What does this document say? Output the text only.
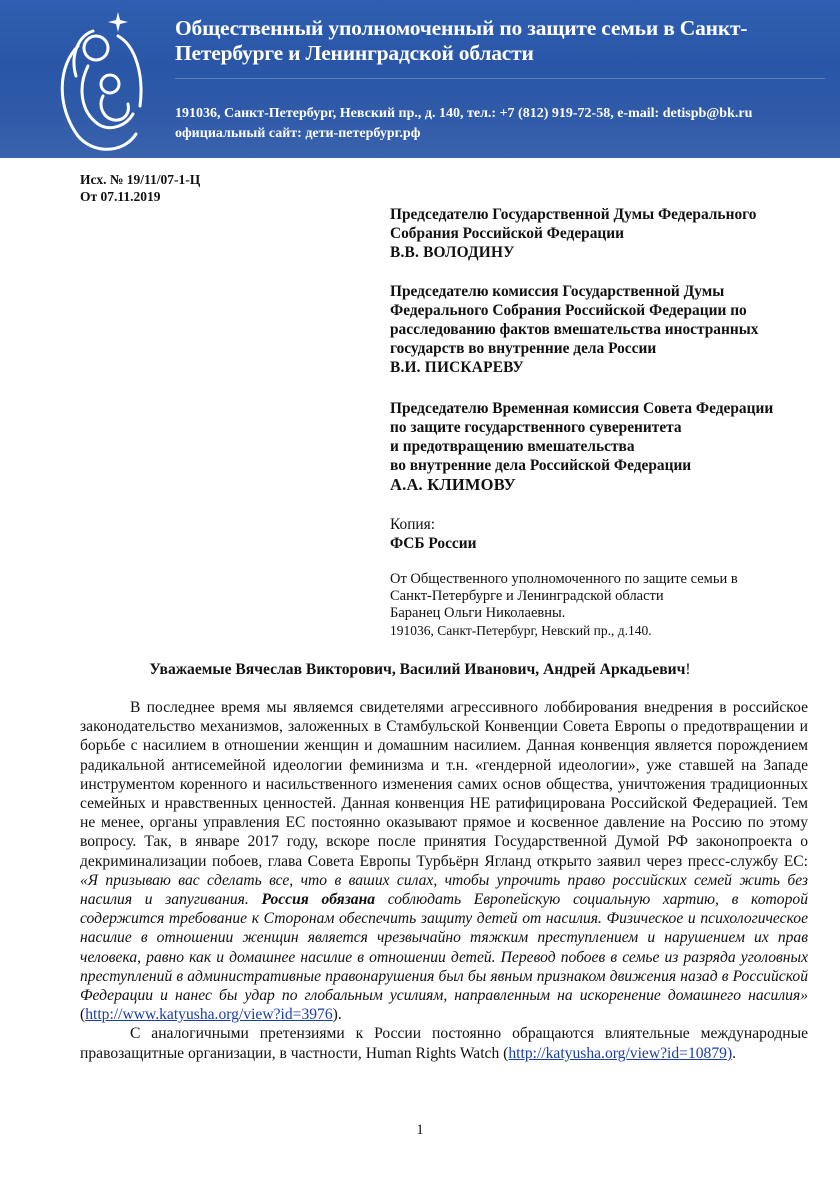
Общественный уполномоченный по защите семьи в Санкт-Петербурге и Ленинградской области
191036, Санкт-Петербург, Невский пр., д. 140, тел.: +7 (812) 919-72-58, e-mail: detispb@bk.ru
официальный сайт: дети-петербург.рф
Исх. № 19/11/07-1-Ц
От 07.11.2019
Председателю Государственной Думы Федерального Собрания Российской Федерации
В.В. ВОЛОДИНУ
Председателю комиссия Государственной Думы Федерального Собрания Российской Федерации по расследованию фактов вмешательства иностранных государств во внутренние дела России
В.И. ПИСКАРЕВУ
Председателю Временная комиссия Совета Федерации
по защите государственного суверенитета
и предотвращению вмешательства
во внутренние дела Российской Федерации
А.А. КЛИМОВУ
Копия:
ФСБ России
От Общественного уполномоченного по защите семьи в
Санкт-Петербурге и Ленинградской области
Баранец Ольги Николаевны.
191036, Санкт-Петербург, Невский пр., д.140.
Уважаемые Вячеслав Викторович, Василий Иванович, Андрей Аркадьевич!

В последнее время мы являемся свидетелями агрессивного лоббирования внедрения в российское законодательство механизмов, заложенных в Стамбульской Конвенции Совета Европы о предотвращении и борьбе с насилием в отношении женщин и домашним насилием. Данная конвенция является порождением радикальной антисемейной идеологии феминизма и т.н. «гендерной идеологии», уже ставшей на Западе инструментом коренного и насильственного изменения самих основ общества, уничтожения традиционных семейных и нравственных ценностей. Данная конвенция НЕ ратифицирована Российской Федерацией. Тем не менее, органы управления ЕС постоянно оказывают прямое и косвенное давление на Россию по этому вопросу. Так, в январе 2017 году, вскоре после принятия Государственной Думой РФ законопроекта о декриминализации побоев, глава Совета Европы Турбьёрн Ягланд открыто заявил через пресс-службу ЕС: «Я призываю вас сделать все, что в ваших силах, чтобы упрочить право российских семей жить без насилия и запугивания. Россия обязана соблюдать Европейскую социальную хартию, в которой содержится требование к Сторонам обеспечить защиту детей от насилия. Физическое и психологическое насилие в отношении женщин является чрезвычайно тяжким преступлением и нарушением их прав человека, равно как и домашнее насилие в отношении детей. Перевод побоев в семье из разряда уголовных преступлений в административные правонарушения был бы явным признаком движения назад в Российской Федерации и нанес бы удар по глобальным усилиям, направленным на искоренение домашнего насилия» (http://www.katyusha.org/view?id=3976).

С аналогичными претензиями к России постоянно обращаются влиятельные международные правозащитные организации, в частности, Human Rights Watch (http://katyusha.org/view?id=10879).

1
